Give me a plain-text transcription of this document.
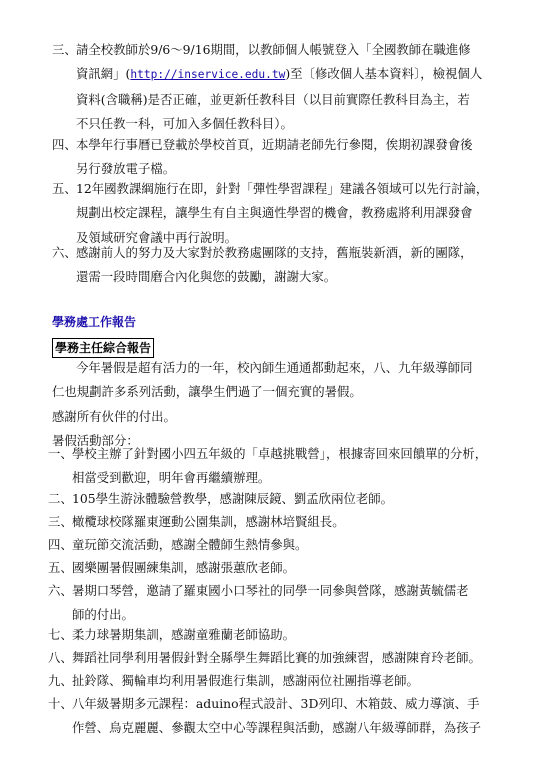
三、 請全校教師於9/6～9/16期間，以教師個人帳號登入「全國教師在職進修
資訊網」(http://inservice.edu.tw)至〔修改個人基本資料〕，檢視個人
資料(含職稱)是否正確，並更新任教科目（以目前實際任教科目為主，若
不只任教一科，可加入多個任教科目）。
四、 本學年行事曆已登載於學校首頁，近期請老師先行參閱，俟期初課發會後
另行發放電子檔。
五、 12年國教課綱施行在即，針對「彈性學習課程」建議各領域可以先行討論，
規劃出校定課程，讓學生有自主與適性學習的機會，教務處將利用課發會
及領域研究會議中再行說明。
六、 感謝前人的努力及大家對於教務處團隊的支持，舊瓶裝新酒，新的團隊，
還需一段時間磨合內化與您的鼓勵，謝謝大家。
學務處工作報告
學務主任綜合報告
今年暑假是超有活力的一年，校內師生通通都動起來，八、九年級導師同
仁也規劃許多系列活動，讓學生們過了一個充實的暑假。
感謝所有伙伴的付出。
暑假活動部分：
一、 學校主辦了針對國小四五年級的「卓越挑戰營」，根據寄回來回饋單的分析，
相當受到歡迎，明年會再繼續辦理。
二、 105學生游泳體驗營教學，感謝陳辰鏡、劉孟欣兩位老師。
三、 橄欖球校隊羅東運動公園集訓，感謝林培賢組長。
四、 童玩節交流活動，感謝全體師生熱情參與。
五、 國樂團暑假團練集訓，感謝張蕙欣老師。
六、 暑期口琴營，邀請了羅東國小口琴社的同學一同參與營隊，感謝黃毓儒老
師的付出。
七、 柔力球暑期集訓，感謝童雅蘭老師協助。
八、 舞蹈社同學利用暑假針對全縣學生舞蹈比賽的加強練習，感謝陳育玲老師。
九、 扯鈴隊、獨輪車均利用暑假進行集訓，感謝兩位社團指導老師。
十、 八年級暑期多元課程：aduino程式設計、3D列印、木箱鼓、威力導演、手
作營、烏克麗麗、參觀太空中心等課程與活動，感謝八年級導師群，為孩子
